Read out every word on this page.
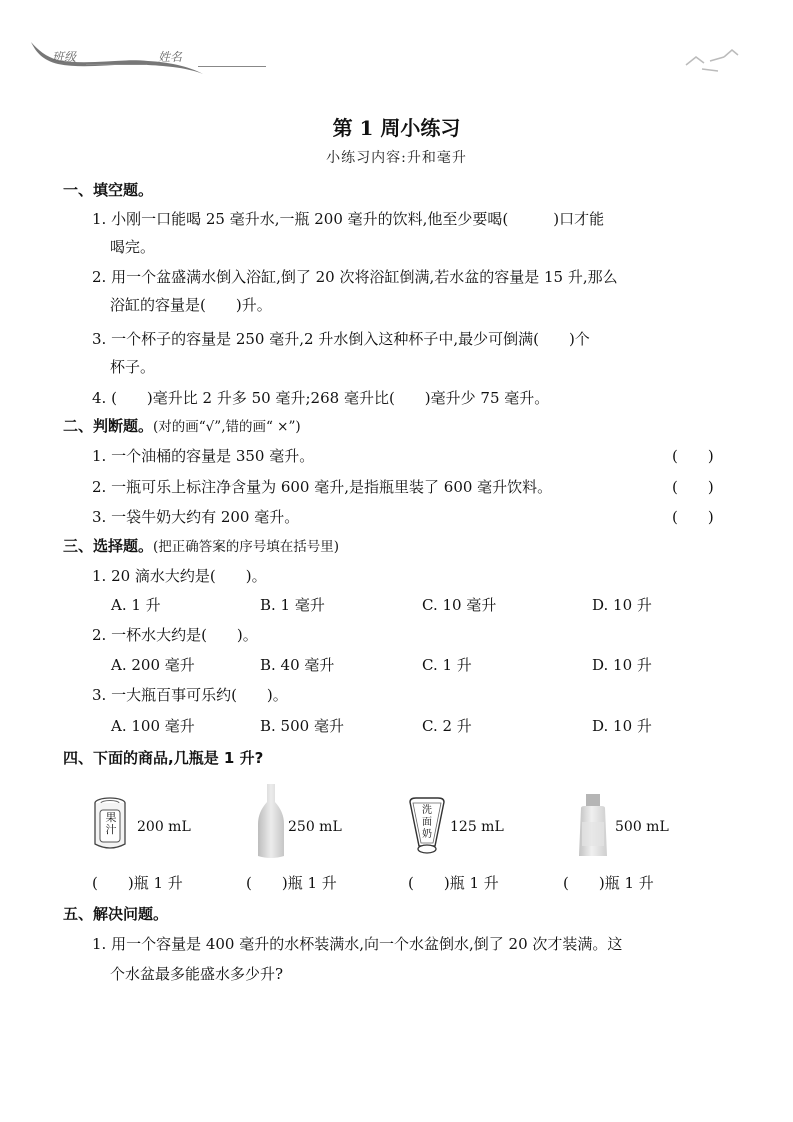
班级	姓名
第 1 周小练习
小练习内容:升和毫升
一、填空题。
1. 小刚一口能喝 25 毫升水,一瓶 200 毫升的饮料,他至少要喝(　　　)口才能
喝完。
2. 用一个盆盛满水倒入浴缸,倒了 20 次将浴缸倒满,若水盆的容量是 15 升,那么
浴缸的容量是(　　)升。
3. 一个杯子的容量是 250 毫升,2 升水倒入这种杯子中,最少可倒满(　　)个
杯子。
4. (　　)毫升比 2 升多 50 毫升;268 毫升比(　　)毫升少 75 毫升。
二、判断题。(对的画“√”,错的画“ ×”)
1. 一个油桶的容量是 350 毫升。	(　　)
2. 一瓶可乐上标注净含量为 600 毫升,是指瓶里装了 600 毫升饮料。	(　　)
3. 一袋牛奶大约有 200 毫升。	(　　)
三、选择题。(把正确答案的序号填在括号里)
1. 20 滴水大约是(　　)。
A. 1 升	B. 1 毫升	C. 10 毫升	D. 10 升
2. 一杯水大约是(　　)。
A. 200 毫升	B. 40 毫升	C. 1 升	D. 10 升
3. 一大瓶百事可乐约(　　)。
A. 100 毫升	B. 500 毫升	C. 2 升	D. 10 升
四、下面的商品,几瓶是 1 升?
果汁 200 mL	250 mL
洗面奶 125 mL	500 mL
(　　)瓶 1 升	(　　)瓶 1 升	(　　)瓶 1 升	(　　)瓶 1 升
五、解决问题。
1. 用一个容量是 400 毫升的水杯装满水,向一个水盆倒水,倒了 20 次才装满。这
个水盆最多能盛水多少升?
